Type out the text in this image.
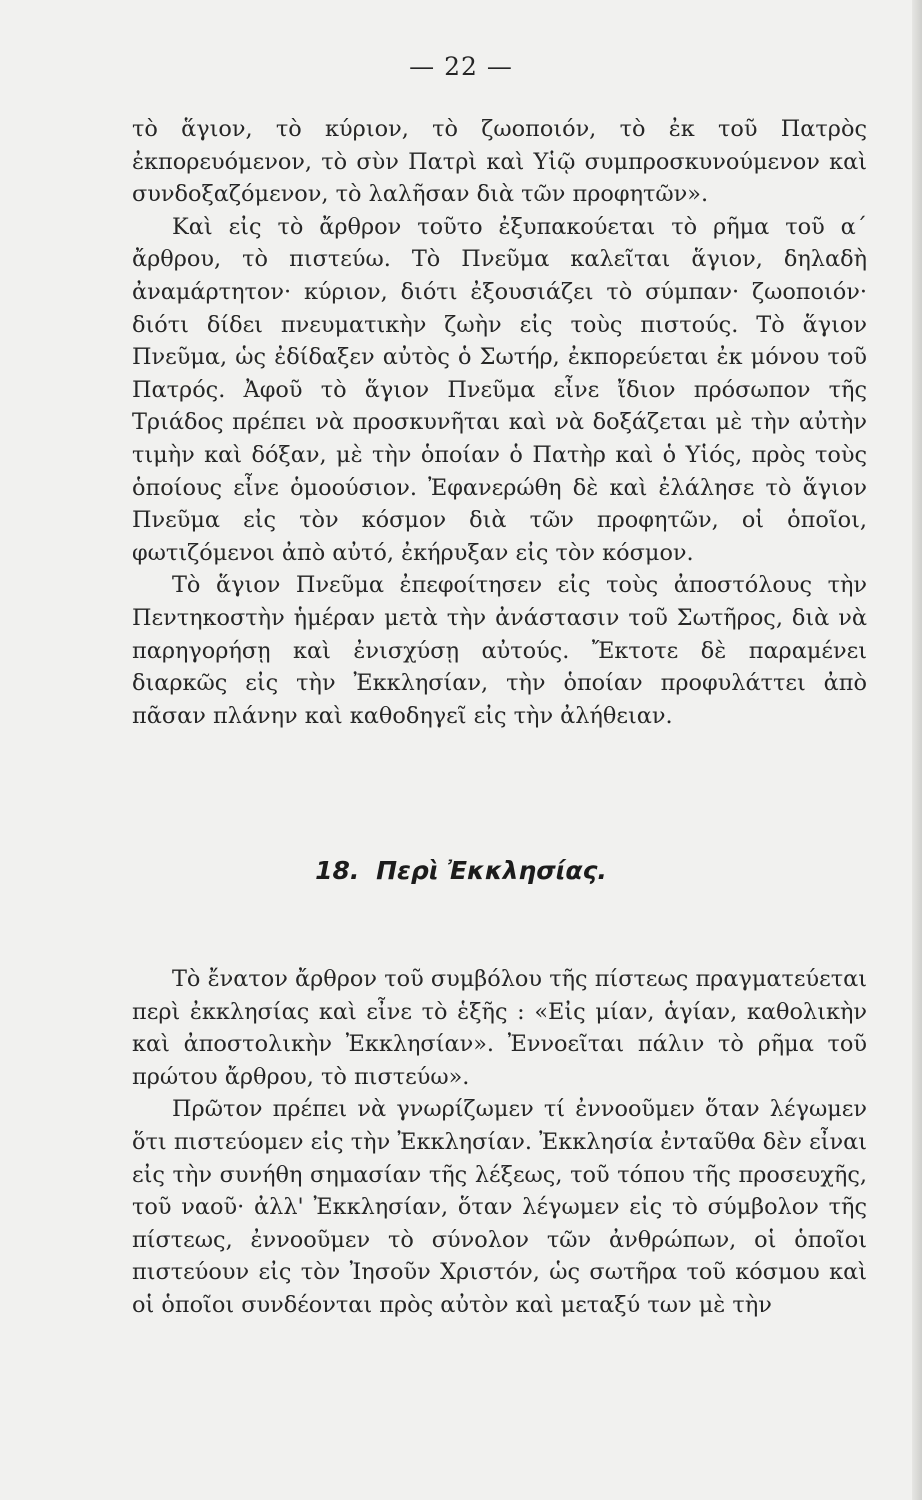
— 22 —

τὸ ἅγιον, τὸ κύριον, τὸ ζωοποιόν, τὸ ἐκ τοῦ Πατρὸς ἐκπορευόμενον, τὸ σὺν Πατρὶ καὶ Υἱῷ συμπροσκυνούμενον καὶ συνδοξαζόμενον, τὸ λαλῆσαν διὰ τῶν προφητῶν».

Καὶ εἰς τὸ ἄρθρον τοῦτο ἐξυπακούεται τὸ ρῆμα τοῦ α΄ ἄρθρου, τὸ πιστεύω. Τὸ Πνεῦμα καλεῖται ἅγιον, δηλαδὴ ἀναμάρτητον· κύριον, διότι ἐξουσιάζει τὸ σύμπαν· ζωοποιόν· διότι δίδει πνευματικὴν ζωὴν εἰς τοὺς πιστούς. Τὸ ἅγιον Πνεῦμα, ὡς ἐδίδαξεν αὐτὸς ὁ Σωτήρ, ἐκπορεύεται ἐκ μόνου τοῦ Πατρός. Ἀφοῦ τὸ ἅγιον Πνεῦμα εἶνε ἴδιον πρόσωπον τῆς Τριάδος πρέπει νὰ προσκυνῆται καὶ νὰ δοξάζεται μὲ τὴν αὐτὴν τιμὴν καὶ δόξαν, μὲ τὴν ὁποίαν ὁ Πατὴρ καὶ ὁ Υἱός, πρὸς τοὺς ὁποίους εἶνε ὁμοούσιον. Ἐφανερώθη δὲ καὶ ἐλάλησε τὸ ἅγιον Πνεῦμα εἰς τὸν κόσμον διὰ τῶν προφητῶν, οἱ ὁποῖοι, φωτιζόμενοι ἀπὸ αὐτό, ἐκήρυξαν εἰς τὸν κόσμον.

Τὸ ἅγιον Πνεῦμα ἐπεφοίτησεν εἰς τοὺς ἀποστόλους τὴν Πεντηκοστὴν ἡμέραν μετὰ τὴν ἀνάστασιν τοῦ Σωτῆρος, διὰ νὰ παρηγορήσῃ καὶ ἐνισχύσῃ αὐτούς. Ἔκτοτε δὲ παραμένει διαρκῶς εἰς τὴν Ἐκκλησίαν, τὴν ὁποίαν προφυλάττει ἀπὸ πᾶσαν πλάνην καὶ καθοδηγεῖ εἰς τὴν ἀλήθειαν.

18. Περὶ Ἐκκλησίας.

Τὸ ἔνατον ἄρθρον τοῦ συμβόλου τῆς πίστεως πραγματεύεται περὶ ἐκκλησίας καὶ εἶνε τὸ ἑξῆς : «Εἰς μίαν, ἁγίαν, καθολικὴν καὶ ἀποστολικὴν Ἐκκλησίαν». Ἐννοεῖται πάλιν τὸ ρῆμα τοῦ πρώτου ἄρθρου, τὸ πιστεύω».

Πρῶτον πρέπει νὰ γνωρίζωμεν τί ἐννοοῦμεν ὅταν λέγωμεν ὅτι πιστεύομεν εἰς τὴν Ἐκκλησίαν. Ἐκκλησία ἐνταῦθα δὲν εἶναι εἰς τὴν συνήθη σημασίαν τῆς λέξεως, τοῦ τόπου τῆς προσευχῆς, τοῦ ναοῦ· ἀλλ' Ἐκκλησίαν, ὅταν λέγωμεν εἰς τὸ σύμβολον τῆς πίστεως, ἐννοοῦμεν τὸ σύνολον τῶν ἀνθρώπων, οἱ ὁποῖοι πιστεύουν εἰς τὸν Ἰησοῦν Χριστόν, ὡς σωτῆρα τοῦ κόσμου καὶ οἱ ὁποῖοι συνδέονται πρὸς αὐτὸν καὶ μεταξύ των μὲ τὴν
